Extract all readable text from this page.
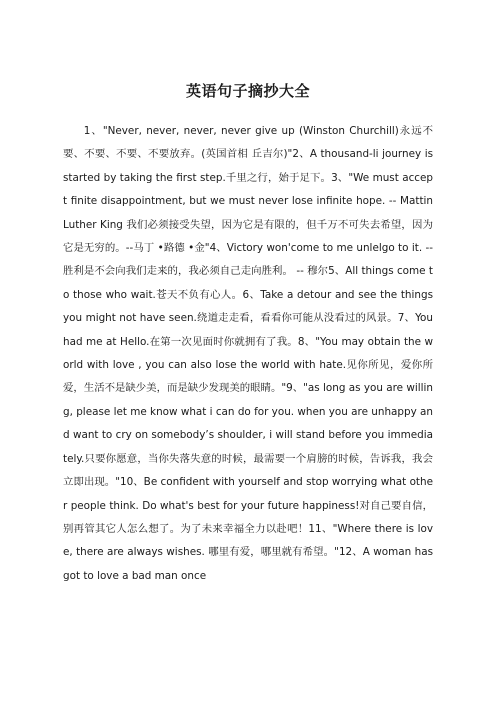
英语句子摘抄大全

1、"Never, never, never, never give up (Winston Churchill)永远不要、不要、不要、不要放弃。(英国首相 丘吉尔)"2、A thousand-li journey is started by taking the first step.千里之行，始于足下。3、"We must accept finite disappointment, but we must never lose infinite hope. -- Mattin Luther King 我们必须接受失望，因为它是有限的，但千万不可失去希望，因为它是无穷的。--马丁 •路德 •金"4、Victory won'come to me unlelgo to it. -- 胜利是不会向我们走来的，我必须自己走向胜利。 -- 穆尔5、All things come to those who wait.苍天不负有心人。6、Take a detour and see the things you might not have seen.绕道走走看，看看你可能从没看过的风景。7、You had me at Hello.在第一次见面时你就拥有了我。8、"You may obtain the world with love , you can also lose the world with hate.见你所见，爱你所爱，生活不是缺少美，而是缺少发现美的眼睛。"9、"as long as you are willing, please let me know what i can do for you. when you are unhappy and want to cry on somebody’s shoulder, i will stand before you immediately.只要你愿意，当你失落失意的时候，最需要一个肩膀的时候，告诉我，我会立即出现。"10、Be confident with yourself and stop worrying what other people think. Do what's best for your future happiness!对自己要自信，别再管其它人怎么想了。为了未来幸福全力以赴吧！11、"Where there is love, there are always wishes. 哪里有爱，哪里就有希望。"12、A woman has got to love a bad man once
